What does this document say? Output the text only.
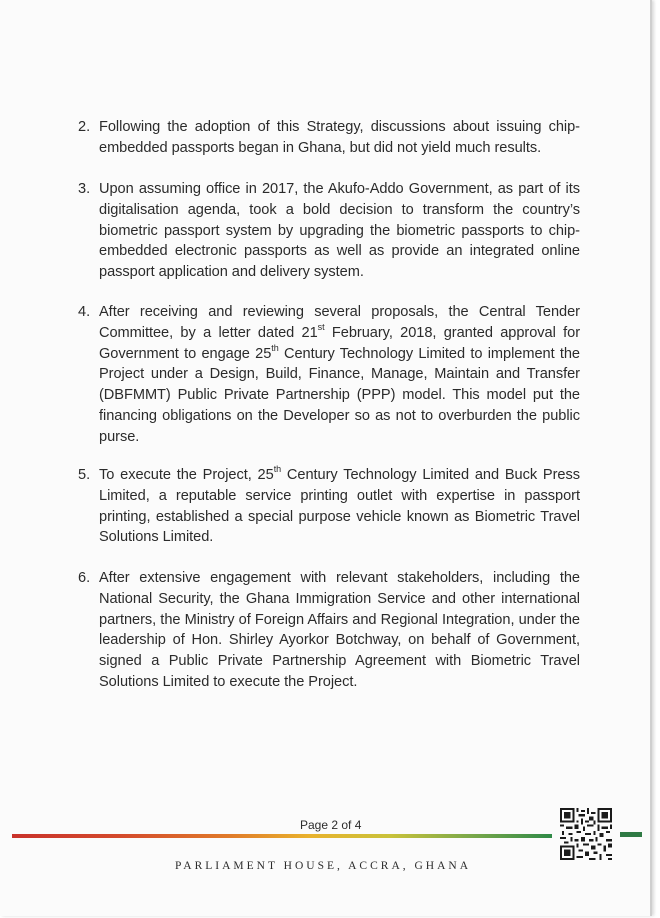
2. Following the adoption of this Strategy, discussions about issuing chip-embedded passports began in Ghana, but did not yield much results.

3. Upon assuming office in 2017, the Akufo-Addo Government, as part of its digitalisation agenda, took a bold decision to transform the country’s biometric passport system by upgrading the biometric passports to chip-embedded electronic passports as well as provide an integrated online passport application and delivery system.

4. After receiving and reviewing several proposals, the Central Tender Committee, by a letter dated 21st February, 2018, granted approval for Government to engage 25th Century Technology Limited to implement the Project under a Design, Build, Finance, Manage, Maintain and Transfer (DBFMMT) Public Private Partnership (PPP) model. This model put the financing obligations on the Developer so as not to overburden the public purse.

5. To execute the Project, 25th Century Technology Limited and Buck Press Limited, a reputable service printing outlet with expertise in passport printing, established a special purpose vehicle known as Biometric Travel Solutions Limited.

6. After extensive engagement with relevant stakeholders, including the National Security, the Ghana Immigration Service and other international partners, the Ministry of Foreign Affairs and Regional Integration, under the leadership of Hon. Shirley Ayorkor Botchway, on behalf of Government, signed a Public Private Partnership Agreement with Biometric Travel Solutions Limited to execute the Project.

Page 2 of 4
PARLIAMENT HOUSE, ACCRA, GHANA
